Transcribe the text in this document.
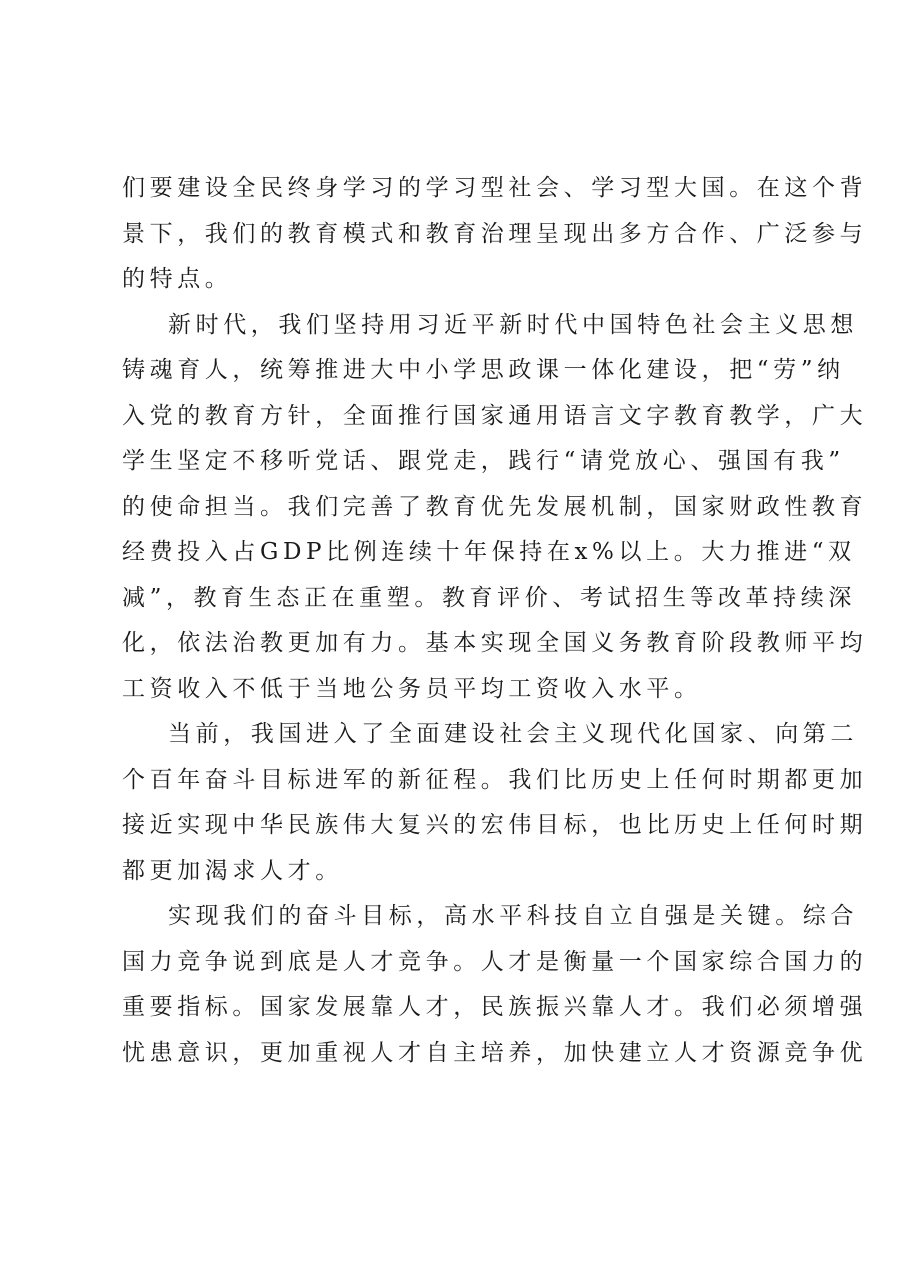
们要建设全民终身学习的学习型社会、学习型大国。在这个背
景下，我们的教育模式和教育治理呈现出多方合作、广泛参与
的特点。

新时代，我们坚持用习近平新时代中国特色社会主义思想
铸魂育人，统筹推进大中小学思政课一体化建设，把“劳”纳
入党的教育方针，全面推行国家通用语言文字教育教学，广大
学生坚定不移听党话、跟党走，践行“请党放心、强国有我”
的使命担当。我们完善了教育优先发展机制，国家财政性教育
经费投入占GDP比例连续十年保持在x%以上。大力推进“双
减”，教育生态正在重塑。教育评价、考试招生等改革持续深
化，依法治教更加有力。基本实现全国义务教育阶段教师平均
工资收入不低于当地公务员平均工资收入水平。

当前，我国进入了全面建设社会主义现代化国家、向第二
个百年奋斗目标进军的新征程。我们比历史上任何时期都更加
接近实现中华民族伟大复兴的宏伟目标，也比历史上任何时期
都更加渴求人才。

实现我们的奋斗目标，高水平科技自立自强是关键。综合
国力竞争说到底是人才竞争。人才是衡量一个国家综合国力的
重要指标。国家发展靠人才，民族振兴靠人才。我们必须增强
忧患意识，更加重视人才自主培养，加快建立人才资源竞争优
